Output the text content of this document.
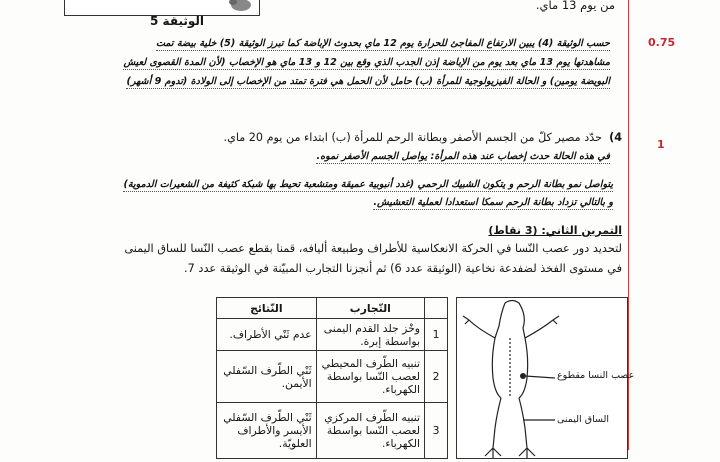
من يوم 13 ماي.
الوثيقة 5
0.75
حسب الوثيقة (4) يبين الارتفاع المفاجئ للحرارة يوم 12 ماي بحدوث الإباضة كما تبرز الوثيقة (5) خلية بيضة تمت
مشاهدتها يوم 13 ماي بعد يوم من الإباضة إذن الجدب الذي وقع بين 12 و 13 ماي هو الإخصاب (لأن المدة القصوى لعيش
البويضة يومين) و الحالة الفيزيولوجية للمرأة (ب) حامل لأن الحمل هي فترة تمتد من الإخصاب إلى الولادة (تدوم 9 أشهر)
1
4)
حدّد مصير كلّ من الجسم الأصفر وبطانة الرحم للمرأة (ب) ابتداء من يوم 20 ماي.
في هذه الحالة حدث إخصاب عند هذه المرأة: يواصل الجسم الأصفر نموه.
يتواصل نمو بطانة الرحم و يتكون الشبيك الرحمي (غدد أنبوبية عميقة ومتشعبة تحيط بها شبكة كثيفة من الشعيرات الدموية)
و بالتالي تزداد بطانة الرحم سمكا استعدادا لعملية التعشيش.
التمرين الثاني: (3 نقاط)
لتحديد دور عصب النّسا في الحركة الانعكاسية للأطراف وطبيعة أليافه، قمنا بقطع عصب النّسا للساق اليمنى
في مستوى الفخذ لضفدعة نخاعية (الوثيقة عدد 6) ثم أنجزنا التجارب المبيّنة في الوثيقة عدد 7.
	التّجارب	النّتائج
1	وخْز جلد القدم اليمنى بواسطة إبرة.	عدم ثَنْي الأطراف.
2	تنبيه الطّرف المحيطي لعصب النّسا بواسطة الكهرباء.	ثَنْي الطّرف السّفلي الأيمن.
3	تنبيه الطّرف المركزي لعصب النّسا بواسطة الكهرباء.	ثَنْي الطّرف السّفلي الأيسر والأطراف العلويّة.
عصب النسا مقطوع
الساق اليمنى
